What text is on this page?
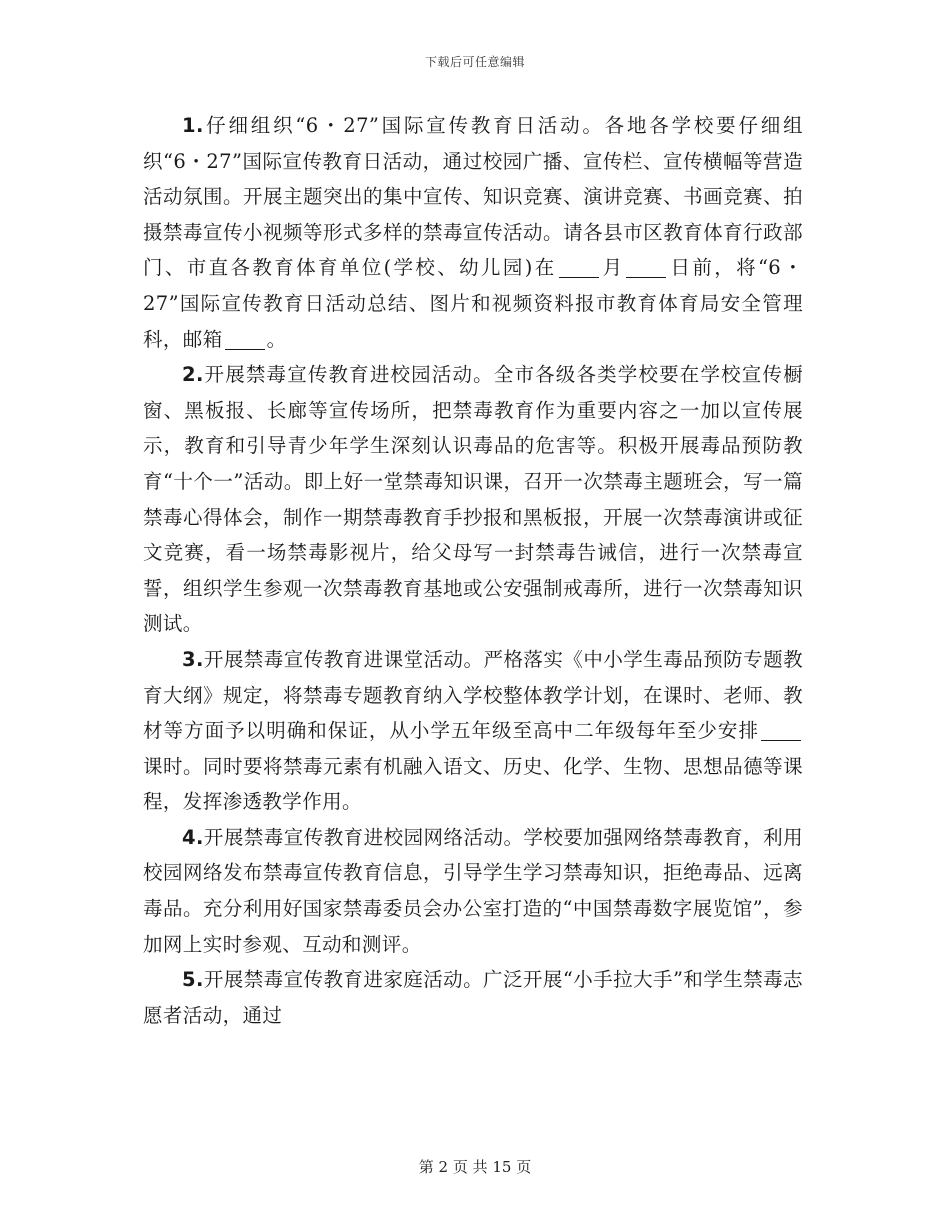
下载后可任意编辑

1.仔细组织“6・27”国际宣传教育日活动。各地各学校要仔细组织“6・27”国际宣传教育日活动，通过校园广播、宣传栏、宣传横幅等营造活动氛围。开展主题突出的集中宣传、知识竞赛、演讲竞赛、书画竞赛、拍摄禁毒宣传小视频等形式多样的禁毒宣传活动。请各县市区教育体育行政部门、市直各教育体育单位(学校、幼儿园)在 月 日前，将“6・27”国际宣传教育日活动总结、图片和视频资料报市教育体育局安全管理科，邮箱 。

2.开展禁毒宣传教育进校园活动。全市各级各类学校要在学校宣传橱窗、黑板报、长廊等宣传场所，把禁毒教育作为重要内容之一加以宣传展示，教育和引导青少年学生深刻认识毒品的危害等。积极开展毒品预防教育“十个一”活动。即上好一堂禁毒知识课，召开一次禁毒主题班会，写一篇禁毒心得体会，制作一期禁毒教育手抄报和黑板报，开展一次禁毒演讲或征文竞赛，看一场禁毒影视片，给父母写一封禁毒告诫信，进行一次禁毒宣誓，组织学生参观一次禁毒教育基地或公安强制戒毒所，进行一次禁毒知识测试。

3.开展禁毒宣传教育进课堂活动。严格落实《中小学生毒品预防专题教育大纲》规定，将禁毒专题教育纳入学校整体教学计划，在课时、老师、教材等方面予以明确和保证，从小学五年级至高中二年级每年至少安排课时。同时要将禁毒元素有机融入语文、历史、化学、生物、思想品德等课程，发挥渗透教学作用。

4.开展禁毒宣传教育进校园网络活动。学校要加强网络禁毒教育，利用校园网络发布禁毒宣传教育信息，引导学生学习禁毒知识，拒绝毒品、远离毒品。充分利用好国家禁毒委员会办公室打造的“中国禁毒数字展览馆”，参加网上实时参观、互动和测评。

5.开展禁毒宣传教育进家庭活动。广泛开展“小手拉大手”和学生禁毒志愿者活动，通过

第 2 页 共 15 页
